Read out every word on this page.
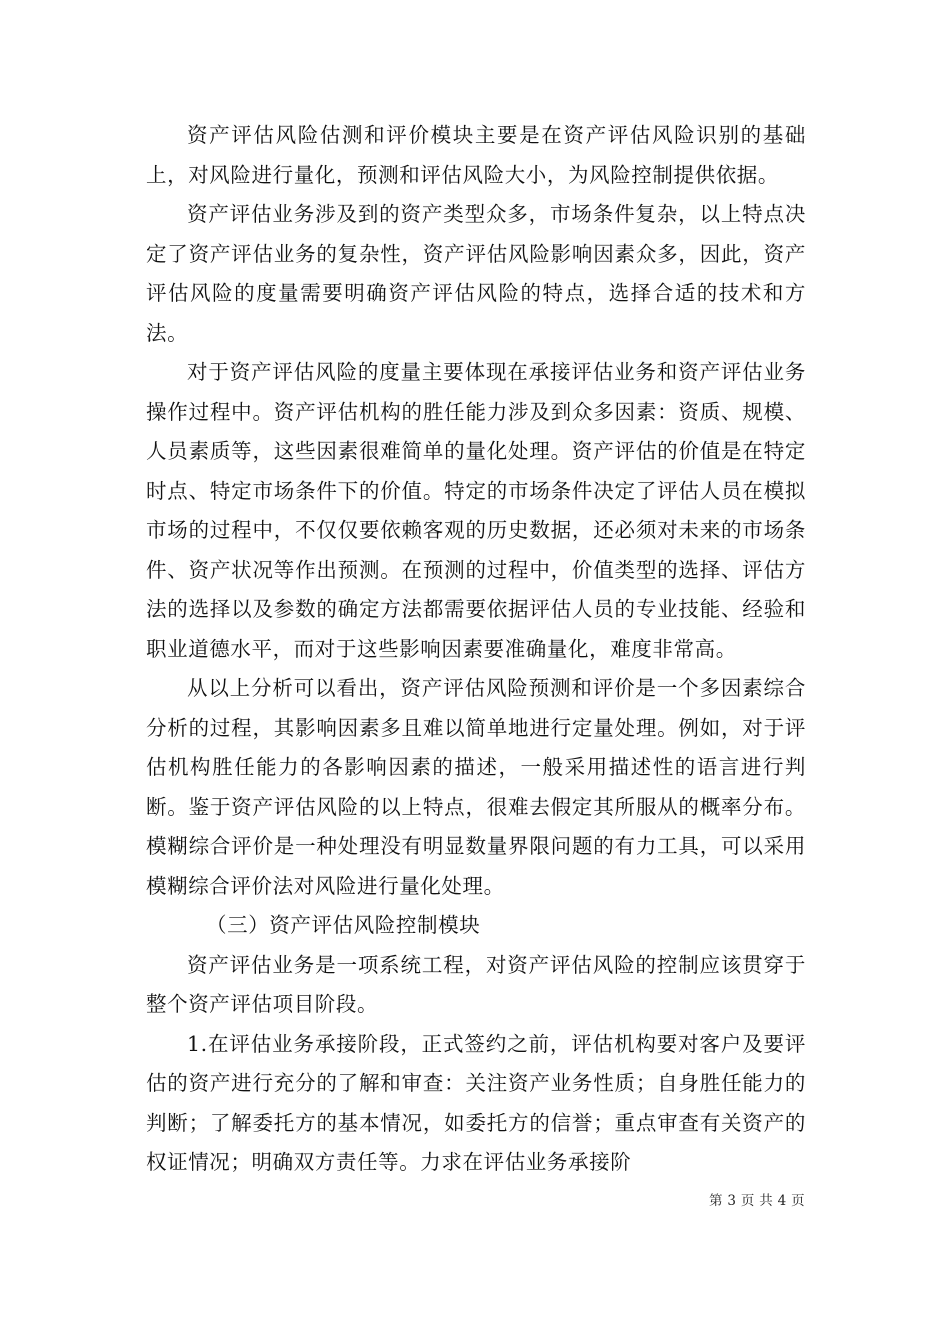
资产评估风险估测和评价模块主要是在资产评估风险识别的基础上，对风险进行量化，预测和评估风险大小，为风险控制提供依据。

资产评估业务涉及到的资产类型众多，市场条件复杂，以上特点决定了资产评估业务的复杂性，资产评估风险影响因素众多，因此，资产评估风险的度量需要明确资产评估风险的特点，选择合适的技术和方法。

对于资产评估风险的度量主要体现在承接评估业务和资产评估业务操作过程中。资产评估机构的胜任能力涉及到众多因素：资质、规模、人员素质等，这些因素很难简单的量化处理。资产评估的价值是在特定时点、特定市场条件下的价值。特定的市场条件决定了评估人员在模拟市场的过程中，不仅仅要依赖客观的历史数据，还必须对未来的市场条件、资产状况等作出预测。在预测的过程中，价值类型的选择、评估方法的选择以及参数的确定方法都需要依据评估人员的专业技能、经验和职业道德水平，而对于这些影响因素要准确量化，难度非常高。

从以上分析可以看出，资产评估风险预测和评价是一个多因素综合分析的过程，其影响因素多且难以简单地进行定量处理。例如，对于评估机构胜任能力的各影响因素的描述，一般采用描述性的语言进行判断。鉴于资产评估风险的以上特点，很难去假定其所服从的概率分布。模糊综合评价是一种处理没有明显数量界限问题的有力工具，可以采用模糊综合评价法对风险进行量化处理。

（三）资产评估风险控制模块

资产评估业务是一项系统工程，对资产评估风险的控制应该贯穿于整个资产评估项目阶段。

1.在评估业务承接阶段，正式签约之前，评估机构要对客户及要评估的资产进行充分的了解和审查：关注资产业务性质；自身胜任能力的判断；了解委托方的基本情况，如委托方的信誉；重点审查有关资产的权证情况；明确双方责任等。力求在评估业务承接阶

第 3 页 共 4 页
